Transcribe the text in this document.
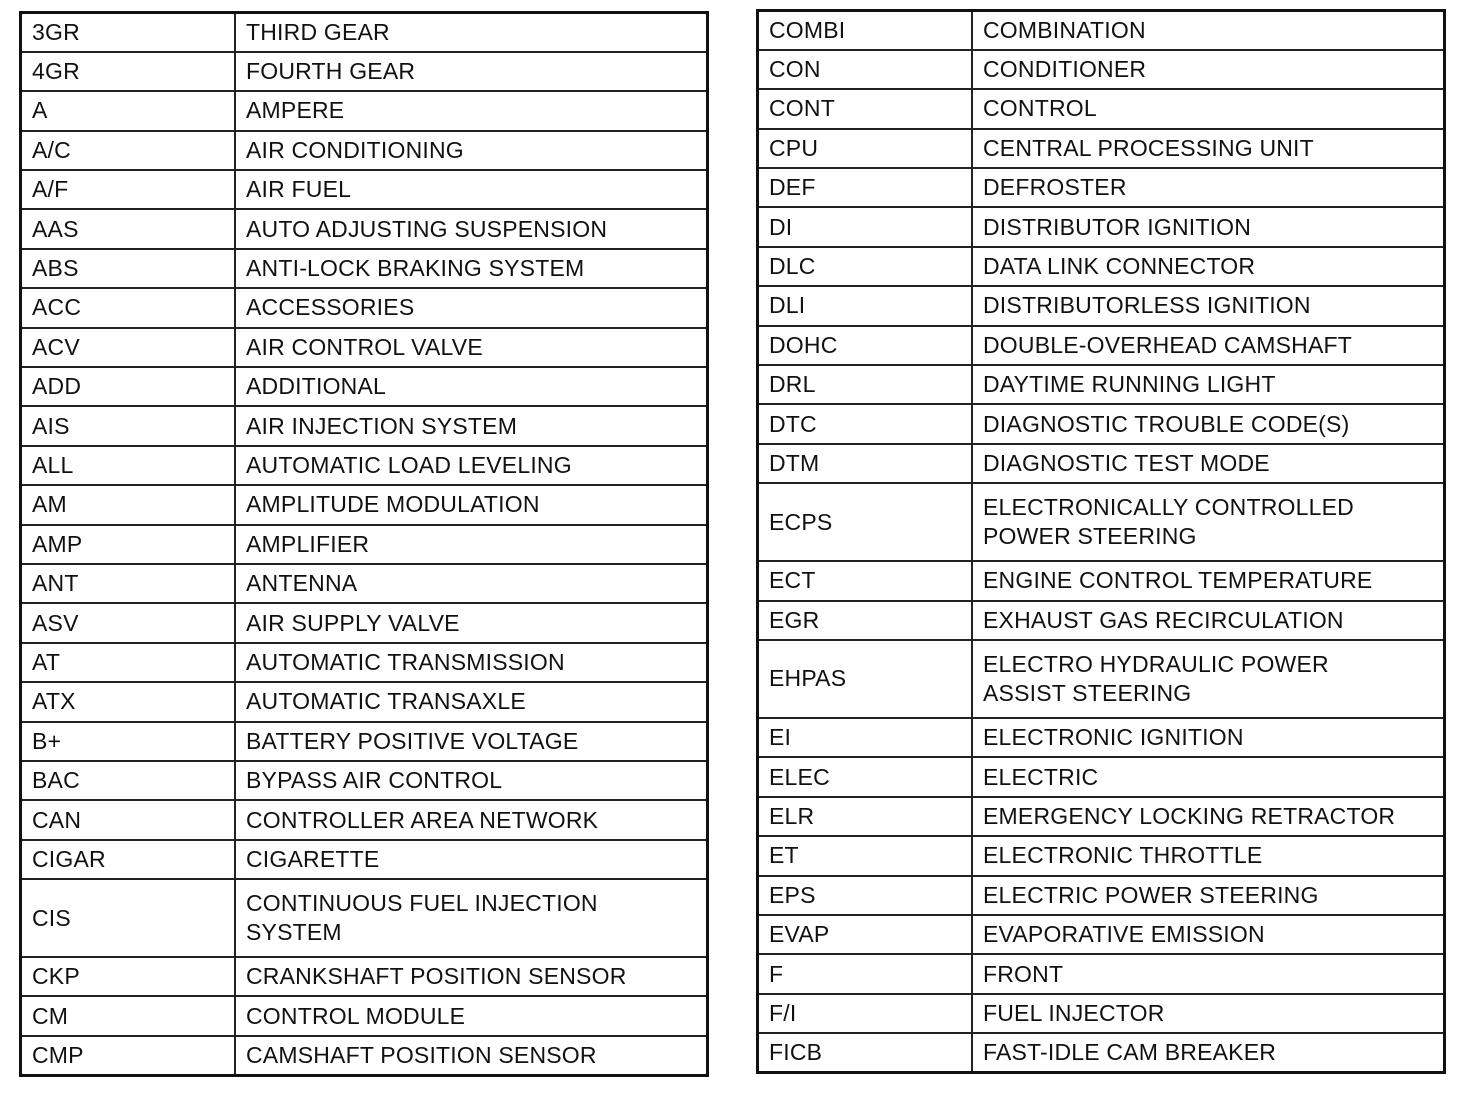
3GR	THIRD GEAR
4GR	FOURTH GEAR
A	AMPERE
A/C	AIR CONDITIONING
A/F	AIR FUEL
AAS	AUTO ADJUSTING SUSPENSION
ABS	ANTI-LOCK BRAKING SYSTEM
ACC	ACCESSORIES
ACV	AIR CONTROL VALVE
ADD	ADDITIONAL
AIS	AIR INJECTION SYSTEM
ALL	AUTOMATIC LOAD LEVELING
AM	AMPLITUDE MODULATION
AMP	AMPLIFIER
ANT	ANTENNA
ASV	AIR SUPPLY VALVE
AT	AUTOMATIC TRANSMISSION
ATX	AUTOMATIC TRANSAXLE
B+	BATTERY POSITIVE VOLTAGE
BAC	BYPASS AIR CONTROL
CAN	CONTROLLER AREA NETWORK
CIGAR	CIGARETTE
CIS	CONTINUOUS FUEL INJECTION
SYSTEM

CKP	CRANKSHAFT POSITION SENSOR
CM	CONTROL MODULE
CMP	CAMSHAFT POSITION SENSOR
COMBI	COMBINATION
CON	CONDITIONER
CONT	CONTROL
CPU	CENTRAL PROCESSING UNIT
DEF	DEFROSTER
DI	DISTRIBUTOR IGNITION
DLC	DATA LINK CONNECTOR
DLI	DISTRIBUTORLESS IGNITION
DOHC	DOUBLE-OVERHEAD CAMSHAFT
DRL	DAYTIME RUNNING LIGHT
DTC	DIAGNOSTIC TROUBLE CODE(S)
DTM	DIAGNOSTIC TEST MODE
ECPS	ELECTRONICALLY CONTROLLED
POWER STEERING

ECT	ENGINE CONTROL TEMPERATURE
EGR	EXHAUST GAS RECIRCULATION
EHPAS	ELECTRO HYDRAULIC POWER
ASSIST STEERING

EI	ELECTRONIC IGNITION
ELEC	ELECTRIC
ELR	EMERGENCY LOCKING RETRACTOR
ET	ELECTRONIC THROTTLE
EPS	ELECTRIC POWER STEERING
EVAP	EVAPORATIVE EMISSION
F	FRONT
F/I	FUEL INJECTOR
FICB	FAST-IDLE CAM BREAKER
